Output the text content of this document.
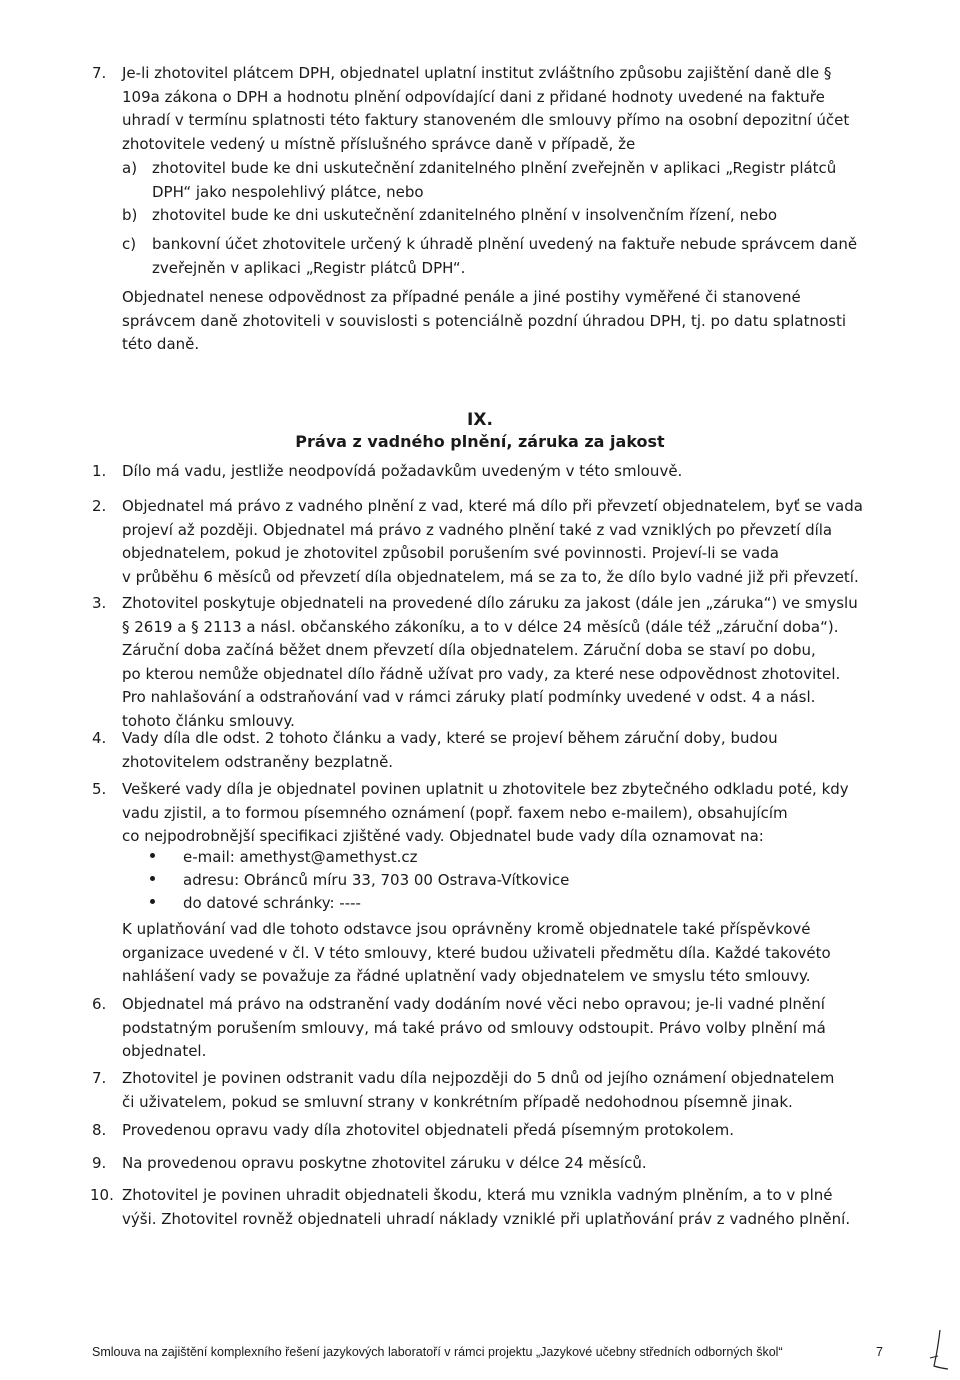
7. Je-li zhotovitel plátcem DPH, objednatel uplatní institut zvláštního způsobu zajištění daně dle §
109a zákona o DPH a hodnotu plnění odpovídající dani z přidané hodnoty uvedené na faktuře
uhradí v termínu splatnosti této faktury stanoveném dle smlouvy přímo na osobní depozitní účet
zhotovitele vedený u místně příslušného správce daně v případě, že
a) zhotovitel bude ke dni uskutečnění zdanitelného plnění zveřejněn v aplikaci „Registr plátců
DPH“ jako nespolehlivý plátce, nebo
b) zhotovitel bude ke dni uskutečnění zdanitelného plnění v insolvenčním řízení, nebo
c) bankovní účet zhotovitele určený k úhradě plnění uvedený na faktuře nebude správcem daně
zveřejněn v aplikaci „Registr plátců DPH“.
Objednatel nenese odpovědnost za případné penále a jiné postihy vyměřené či stanovené
správcem daně zhotoviteli v souvislosti s potenciálně pozdní úhradou DPH, tj. po datu splatnosti
této daně.
IX.
Práva z vadného plnění, záruka za jakost
1. Dílo má vadu, jestliže neodpovídá požadavkům uvedeným v této smlouvě.
2. Objednatel má právo z vadného plnění z vad, které má dílo při převzetí objednatelem, byť se vada
projeví až později. Objednatel má právo z vadného plnění také z vad vzniklých po převzetí díla
objednatelem, pokud je zhotovitel způsobil porušením své povinnosti. Projeví-li se vada
v průběhu 6 měsíců od převzetí díla objednatelem, má se za to, že dílo bylo vadné již při převzetí.
3. Zhotovitel poskytuje objednateli na provedené dílo záruku za jakost (dále jen „záruka“) ve smyslu
§ 2619 a § 2113 a násl. občanského zákoníku, a to v délce 24 měsíců (dále též „záruční doba“).
Záruční doba začíná běžet dnem převzetí díla objednatelem. Záruční doba se staví po dobu,
po kterou nemůže objednatel dílo řádně užívat pro vady, za které nese odpovědnost zhotovitel.
Pro nahlašování a odstraňování vad v rámci záruky platí podmínky uvedené v odst. 4 a násl.
tohoto článku smlouvy.
4. Vady díla dle odst. 2 tohoto článku a vady, které se projeví během záruční doby, budou
zhotovitelem odstraněny bezplatně.
5. Veškeré vady díla je objednatel povinen uplatnit u zhotovitele bez zbytečného odkladu poté, kdy
vadu zjistil, a to formou písemného oznámení (popř. faxem nebo e-mailem), obsahujícím
co nejpodrobnější specifikaci zjištěné vady. Objednatel bude vady díla oznamovat na:
e-mail: amethyst@amethyst.cz
adresu: Obránců míru 33, 703 00 Ostrava-Vítkovice
do datové schránky: ----
K uplatňování vad dle tohoto odstavce jsou oprávněny kromě objednatele také příspěvkové
organizace uvedené v čl. V této smlouvy, které budou uživateli předmětu díla. Každé takovéto
nahlášení vady se považuje za řádné uplatnění vady objednatelem ve smyslu této smlouvy.
6. Objednatel má právo na odstranění vady dodáním nové věci nebo opravou; je-li vadné plnění
podstatným porušením smlouvy, má také právo od smlouvy odstoupit. Právo volby plnění má
objednatel.
7. Zhotovitel je povinen odstranit vadu díla nejpozději do 5 dnů od jejího oznámení objednatelem
či uživatelem, pokud se smluvní strany v konkrétním případě nedohodnou písemně jinak.
8. Provedenou opravu vady díla zhotovitel objednateli předá písemným protokolem.
9. Na provedenou opravu poskytne zhotovitel záruku v délce 24 měsíců.
10. Zhotovitel je povinen uhradit objednateli škodu, která mu vznikla vadným plněním, a to v plné
výši. Zhotovitel rovněž objednateli uhradí náklady vzniklé při uplatňování práv z vadného plnění.
Smlouva na zajištění komplexního řešení jazykových laboratoří v rámci projektu „Jazykové učebny středních odborných škol“	7
